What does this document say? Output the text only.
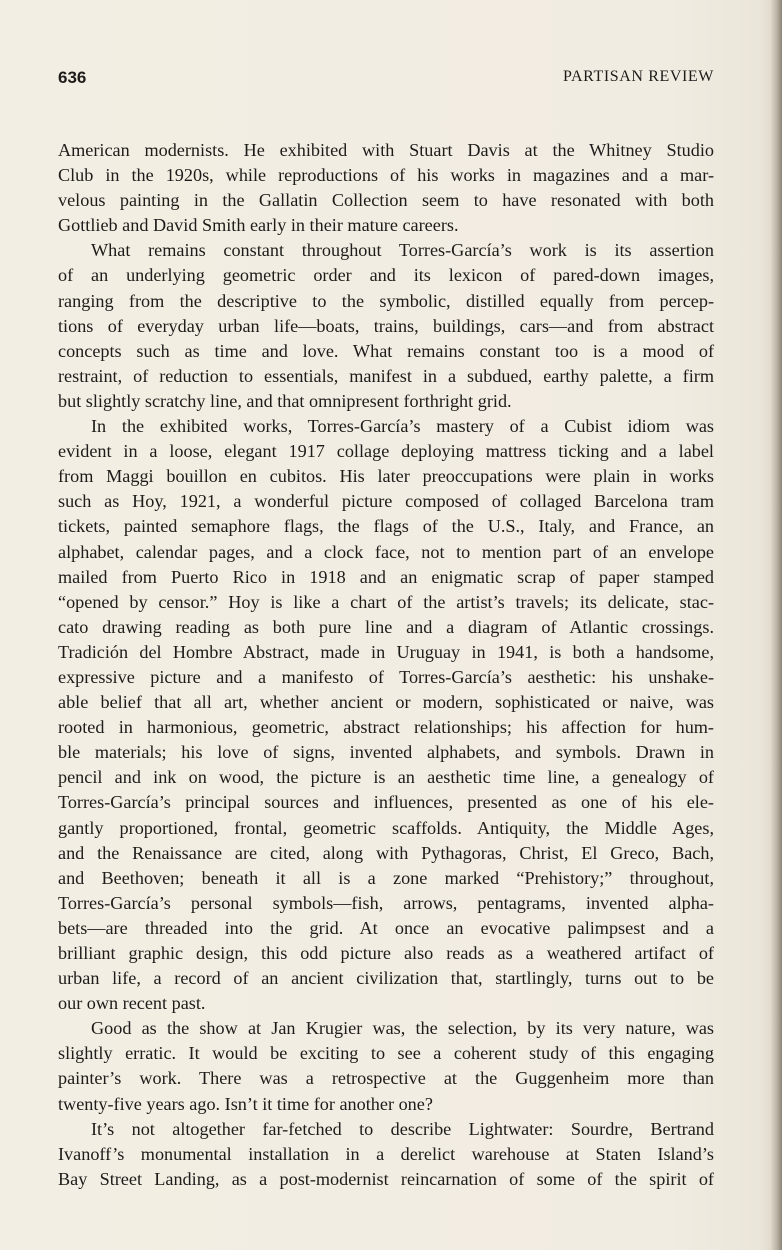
636	PARTISAN REVIEW
American modernists. He exhibited with Stuart Davis at the Whitney Studio
Club in the 1920s, while reproductions of his works in magazines and a mar-
velous painting in the Gallatin Collection seem to have resonated with both
Gottlieb and David Smith early in their mature careers.
What remains constant throughout Torres-García’s work is its assertion
of an underlying geometric order and its lexicon of pared-down images,
ranging from the descriptive to the symbolic, distilled equally from percep-
tions of everyday urban life—boats, trains, buildings, cars—and from abstract
concepts such as time and love. What remains constant too is a mood of
restraint, of reduction to essentials, manifest in a subdued, earthy palette, a firm
but slightly scratchy line, and that omnipresent forthright grid.
In the exhibited works, Torres-García’s mastery of a Cubist idiom was
evident in a loose, elegant 1917 collage deploying mattress ticking and a label
from Maggi bouillon en cubitos. His later preoccupations were plain in works
such as Hoy, 1921, a wonderful picture composed of collaged Barcelona tram
tickets, painted semaphore flags, the flags of the U.S., Italy, and France, an
alphabet, calendar pages, and a clock face, not to mention part of an envelope
mailed from Puerto Rico in 1918 and an enigmatic scrap of paper stamped
“opened by censor.” Hoy is like a chart of the artist’s travels; its delicate, stac-
cato drawing reading as both pure line and a diagram of Atlantic crossings.
Tradición del Hombre Abstract, made in Uruguay in 1941, is both a handsome,
expressive picture and a manifesto of Torres-García’s aesthetic: his unshake-
able belief that all art, whether ancient or modern, sophisticated or naive, was
rooted in harmonious, geometric, abstract relationships; his affection for hum-
ble materials; his love of signs, invented alphabets, and symbols. Drawn in
pencil and ink on wood, the picture is an aesthetic time line, a genealogy of
Torres-García’s principal sources and influences, presented as one of his ele-
gantly proportioned, frontal, geometric scaffolds. Antiquity, the Middle Ages,
and the Renaissance are cited, along with Pythagoras, Christ, El Greco, Bach,
and Beethoven; beneath it all is a zone marked “Prehistory;” throughout,
Torres-García’s personal symbols—fish, arrows, pentagrams, invented alpha-
bets—are threaded into the grid. At once an evocative palimpsest and a
brilliant graphic design, this odd picture also reads as a weathered artifact of
urban life, a record of an ancient civilization that, startlingly, turns out to be
our own recent past.
Good as the show at Jan Krugier was, the selection, by its very nature, was
slightly erratic. It would be exciting to see a coherent study of this engaging
painter’s work. There was a retrospective at the Guggenheim more than
twenty-five years ago. Isn’t it time for another one?
It’s not altogether far-fetched to describe Lightwater: Sourdre, Bertrand
Ivanoff’s monumental installation in a derelict warehouse at Staten Island’s
Bay Street Landing, as a post-modernist reincarnation of some of the spirit of
